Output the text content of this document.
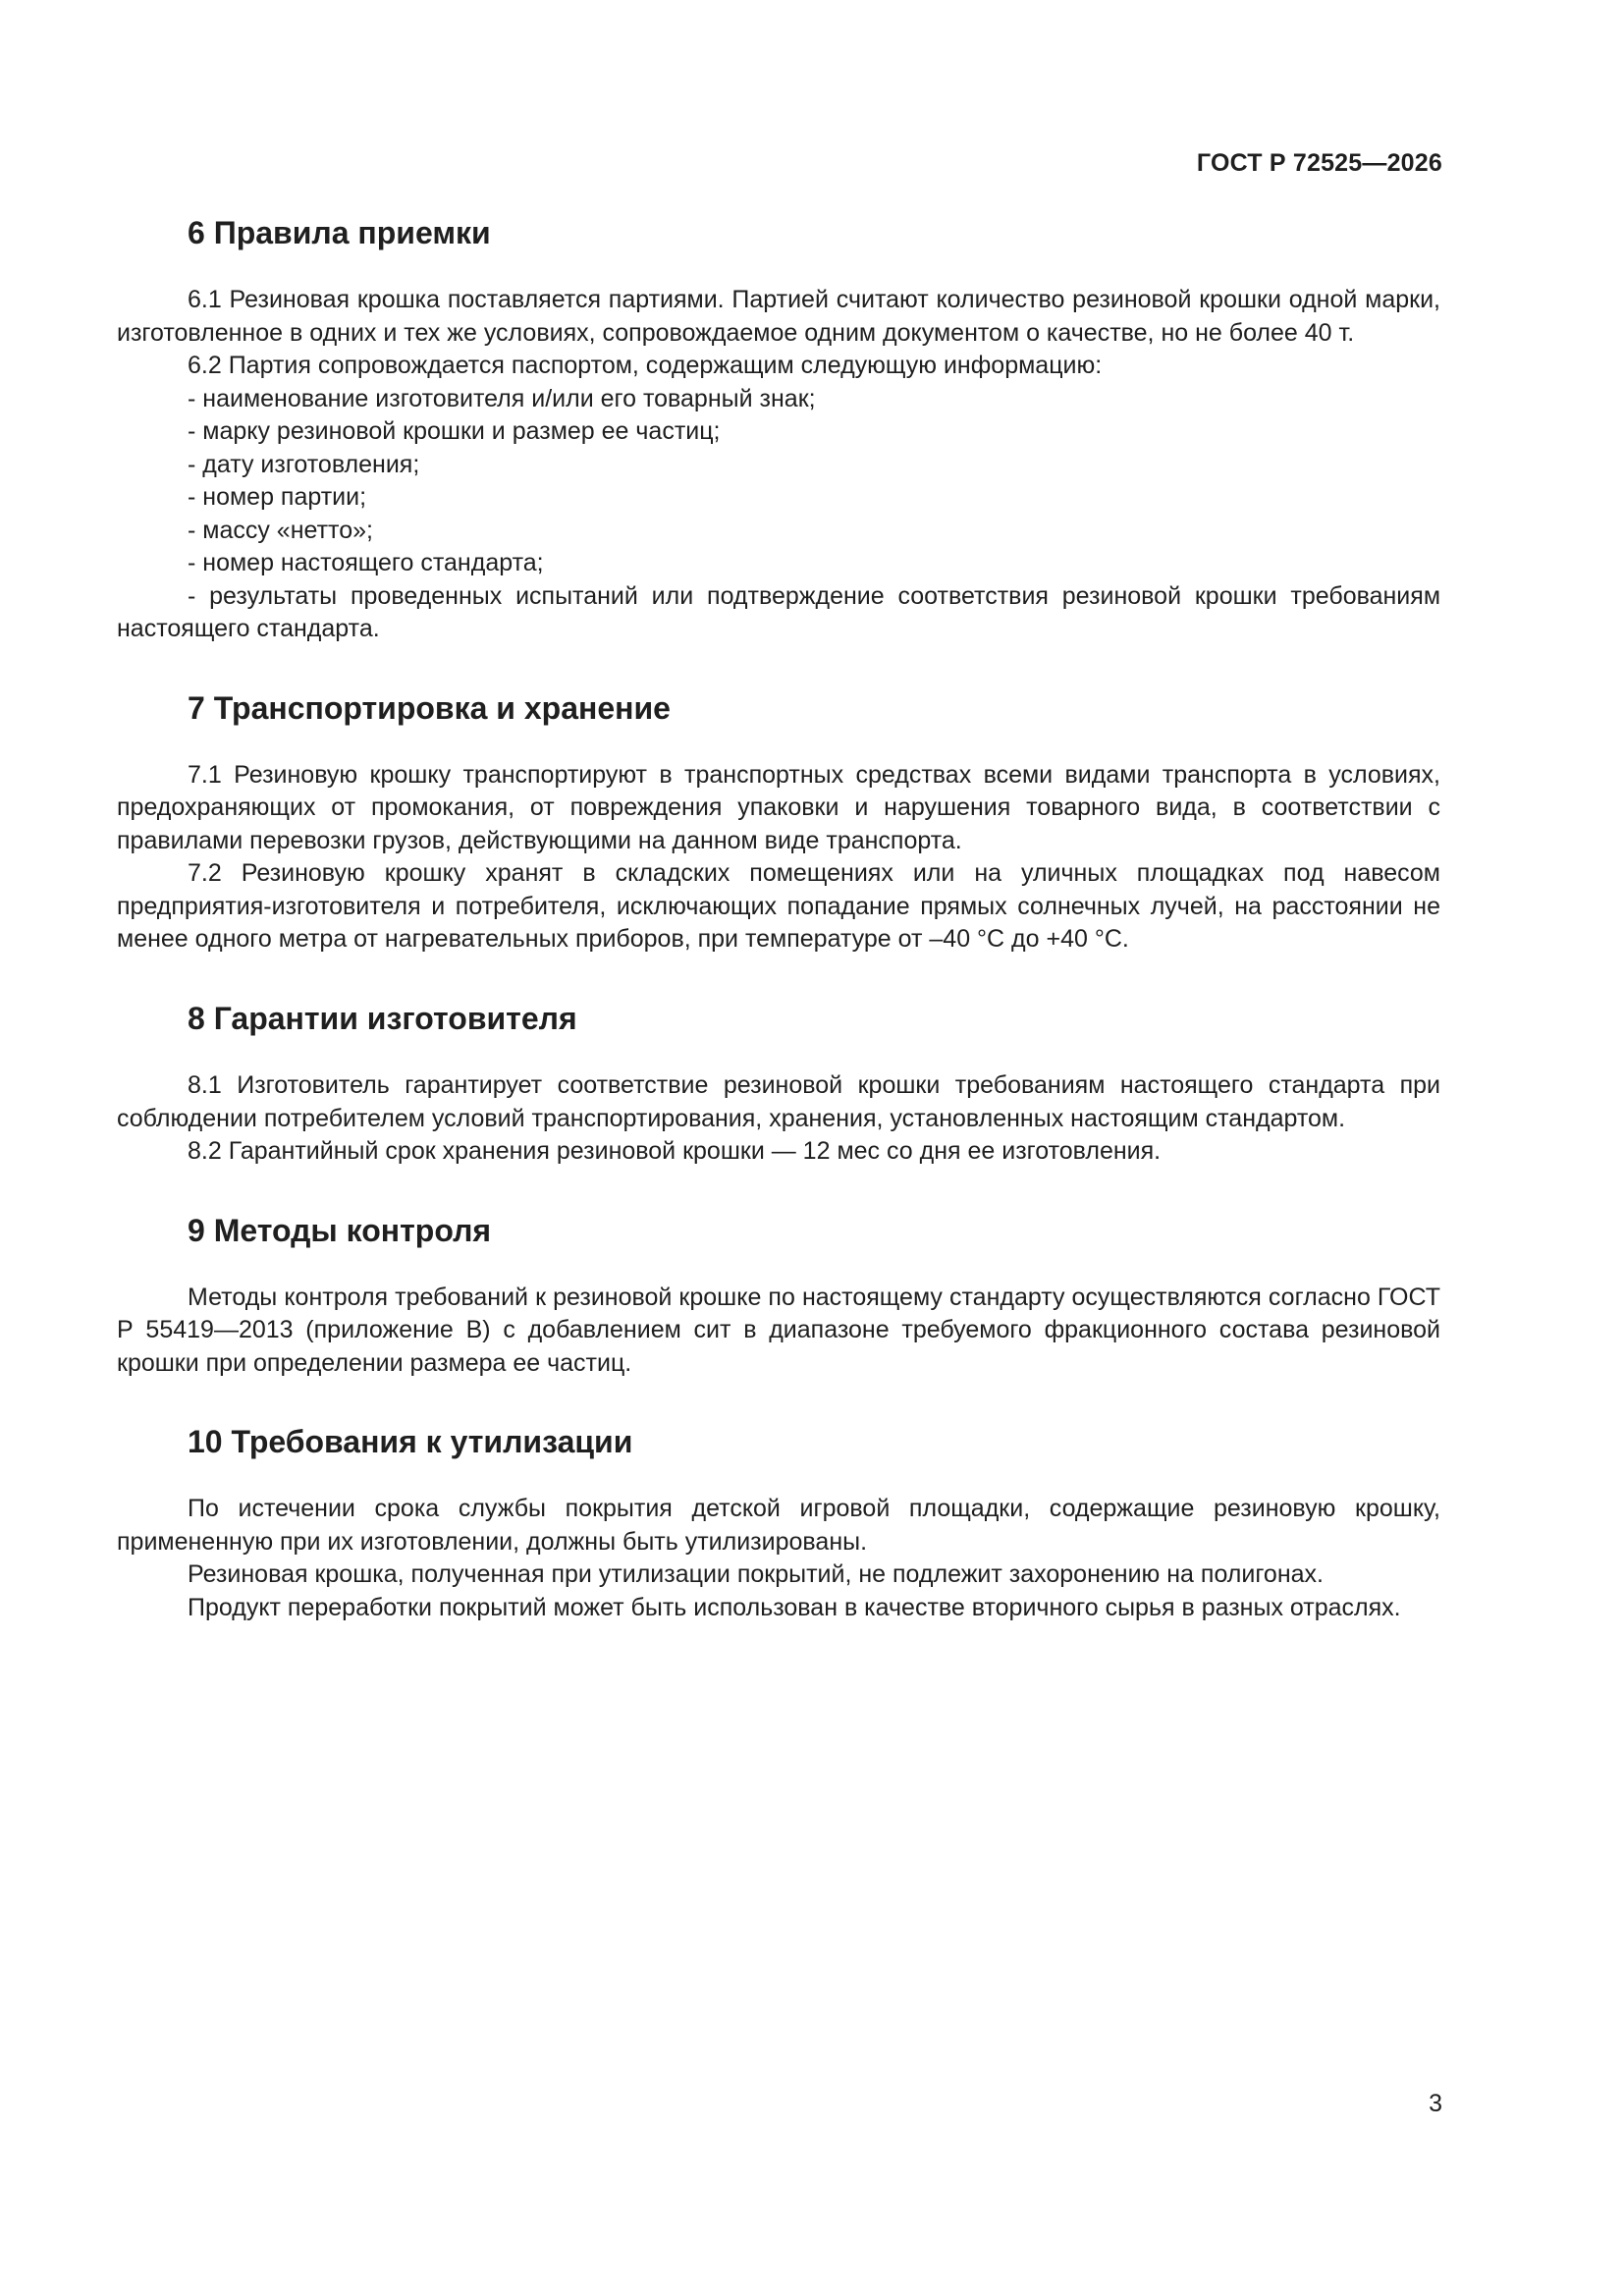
ГОСТ Р 72525—2026
6 Правила приемки

6.1 Резиновая крошка поставляется партиями. Партией считают количество резиновой крошки одной марки, изготовленное в одних и тех же условиях, сопровождаемое одним документом о качестве, но не более 40 т.

6.2 Партия сопровождается паспортом, содержащим следующую информацию:

- наименование изготовителя и/или его товарный знак;

- марку резиновой крошки и размер ее частиц;

- дату изготовления;

- номер партии;

- массу «нетто»;

- номер настоящего стандарта;

- результаты проведенных испытаний или подтверждение соответствия резиновой крошки требованиям настоящего стандарта.

7 Транспортировка и хранение

7.1 Резиновую крошку транспортируют в транспортных средствах всеми видами транспорта в условиях, предохраняющих от промокания, от повреждения упаковки и нарушения товарного вида, в соответствии с правилами перевозки грузов, действующими на данном виде транспорта.

7.2 Резиновую крошку хранят в складских помещениях или на уличных площадках под навесом предприятия-изготовителя и потребителя, исключающих попадание прямых солнечных лучей, на расстоянии не менее одного метра от нагревательных приборов, при температуре от –40 °С до +40 °С.

8 Гарантии изготовителя

8.1 Изготовитель гарантирует соответствие резиновой крошки требованиям настоящего стандарта при соблюдении потребителем условий транспортирования, хранения, установленных настоящим стандартом.

8.2 Гарантийный срок хранения резиновой крошки — 12 мес со дня ее изготовления.

9 Методы контроля

Методы контроля требований к резиновой крошке по настоящему стандарту осуществляются согласно ГОСТ Р 55419—2013 (приложение В) с добавлением сит в диапазоне требуемого фракционного состава резиновой крошки при определении размера ее частиц.

10 Требования к утилизации

По истечении срока службы покрытия детской игровой площадки, содержащие резиновую крошку, примененную при их изготовлении, должны быть утилизированы.

Резиновая крошка, полученная при утилизации покрытий, не подлежит захоронению на полигонах.

Продукт переработки покрытий может быть использован в качестве вторичного сырья в разных отраслях.

3
